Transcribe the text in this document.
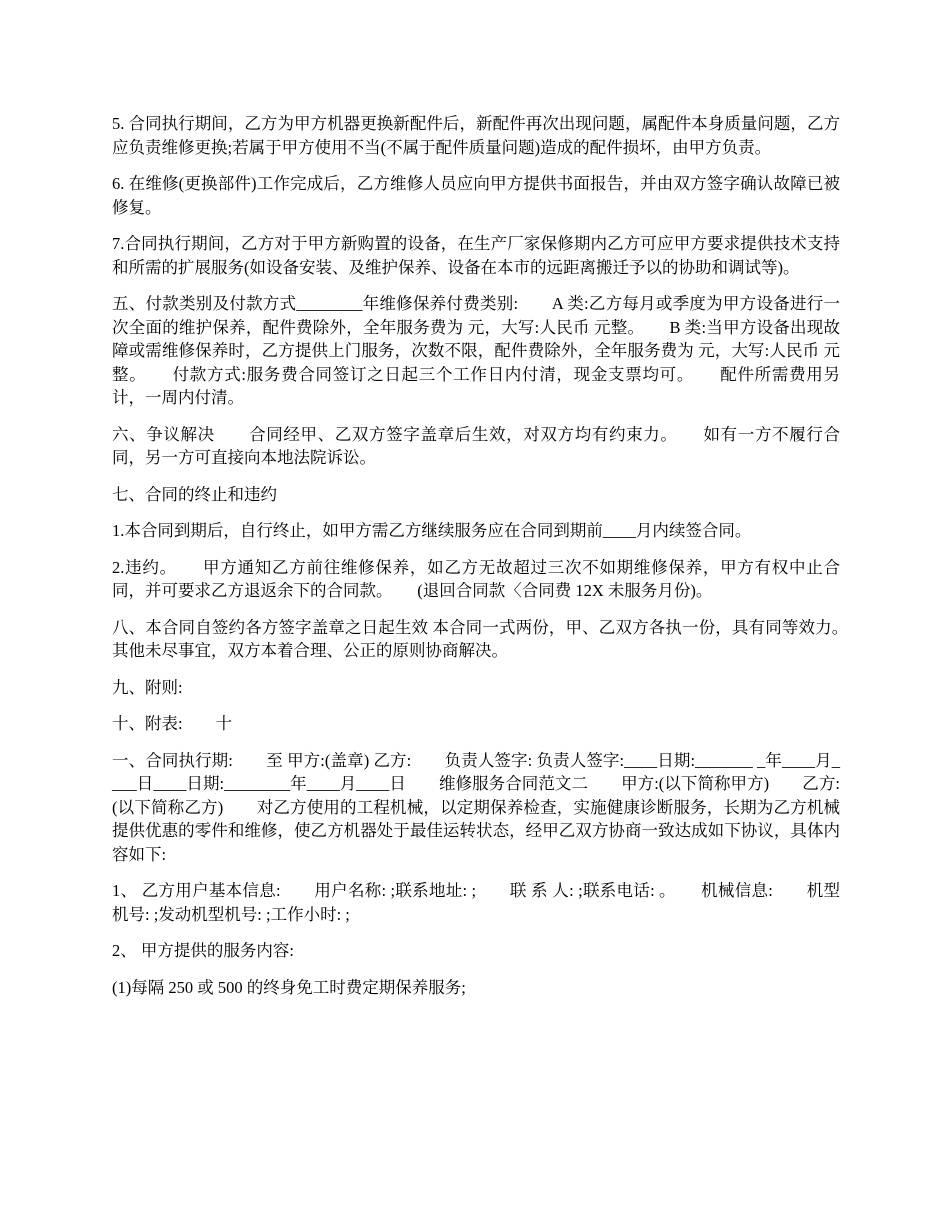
5. 合同执行期间，乙方为甲方机器更换新配件后，新配件再次出现问题，属配件本身质量问题，乙方应负责维修更换;若属于甲方使用不当(不属于配件质量问题)造成的配件损坏，由甲方负责。

6. 在维修(更换部件)工作完成后，乙方维修人员应向甲方提供书面报告，并由双方签字确认故障已被修复。

7.合同执行期间，乙方对于甲方新购置的设备，在生产厂家保修期内乙方可应甲方要求提供技术支持和所需的扩展服务(如设备安装、及维护保养、设备在本市的远距离搬迁予以的协助和调试等)。

五、付款类别及付款方式________年维修保养付费类别:　　A 类:乙方每月或季度为甲方设备进行一次全面的维护保养，配件费除外，全年服务费为 元，大写:人民币 元整。　　B 类:当甲方设备出现故障或需维修保养时，乙方提供上门服务，次数不限，配件费除外，全年服务费为 元，大写:人民币 元整。　　付款方式:服务费合同签订之日起三个工作日内付清，现金支票均可。　　配件所需费用另计，一周内付清。

六、争议解决　　合同经甲、乙双方签字盖章后生效，对双方均有约束力。　　如有一方不履行合同，另一方可直接向本地法院诉讼。

七、合同的终止和违约

1.本合同到期后，自行终止，如甲方需乙方继续服务应在合同到期前____月内续签合同。

2.违约。　　甲方通知乙方前往维修保养，如乙方无故超过三次不如期维修保养，甲方有权中止合同，并可要求乙方退返余下的合同款。　　(退回合同款〈合同费 12X 未服务月份)。

八、本合同自签约各方签字盖章之日起生效 本合同一式两份，甲、乙双方各执一份，具有同等效力。　　其他未尽事宜，双方本着合理、公正的原则协商解决。

九、附则:

十、附表:　　十

一、合同执行期:　　至 甲方:(盖章) 乙方:　　负责人签字: 负责人签字:____日期:_______ _年____月____日____日期:________年____月____日　　维修服务合同范文二　　甲方:(以下简称甲方)　　乙方: (以下简称乙方)　　对乙方使用的工程机械，以定期保养检查，实施健康诊断服务，长期为乙方机械提供优惠的零件和维修，使乙方机器处于最佳运转状态，经甲乙双方协商一致达成如下协议，具体内容如下:

1、 乙方用户基本信息:　　用户名称: ;联系地址: ;　　联 系 人: ;联系电话: 。　　机械信息:　　机型机号: ;发动机型机号: ;工作小时: ;

2、 甲方提供的服务内容:

(1)每隔 250 或 500 的终身免工时费定期保养服务;
